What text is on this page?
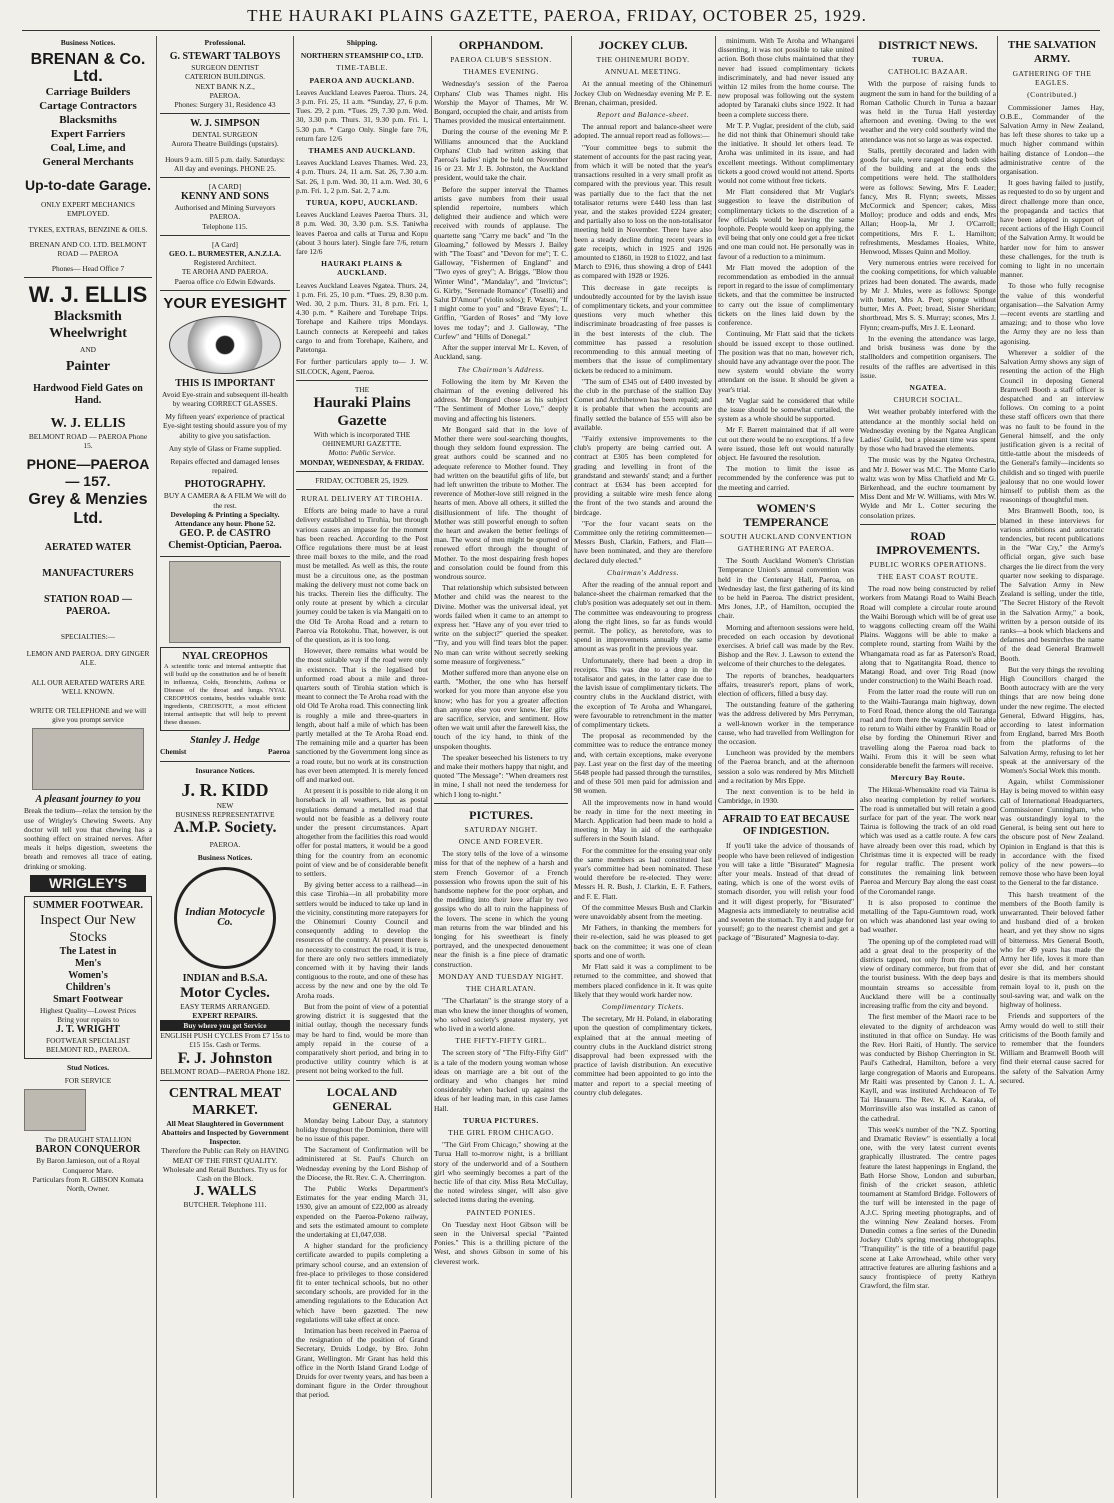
THE HAURAKI PLAINS GAZETTE, PAEROA, FRIDAY, OCTOBER 25, 1929.
Business Notices.
BRENAN & Co. Ltd.
Carriage Builders
Cartage Contractors
Blacksmiths
Expert Farriers
Coal, Lime, and
General Merchants
Up-to-date Garage.
ONLY EXPERT MECHANICS EMPLOYED.
TYKES, EXTRAS, BENZINE & OILS.
BRENAN AND CO. LTD. BELMONT ROAD — PAEROA
Phones— Head Office 7
W. J. ELLIS
Blacksmith
Wheelwright
AND
Painter
Hardwood Field Gates on Hand.
W. J. ELLIS
BELMONT ROAD — PAEROA Phone 15.
PHONE—PAEROA — 157.
Grey & Menzies Ltd.
AERATED WATER
MANUFACTURERS
STATION ROAD — PAEROA.
SPECIALTIES:—
LEMON AND PAEROA. DRY GINGER ALE.
ALL OUR AERATED WATERS ARE WELL KNOWN.
WRITE OR TELEPHONE and we will give you prompt service
A pleasant journey to you
Break the tedium—relax the tension by the use of Wrigley's Chewing Sweets. Any doctor will tell you that chewing has a soothing effect on strained nerves. After meals it helps digestion, sweetens the breath and removes all trace of eating, drinking or smoking.
WRIGLEY'S
SUMMER FOOTWEAR.
Inspect Our New Stocks
The Latest in
Men's
Women's
Children's
Smart Footwear
Highest Quality—Lowest Prices
Bring your repairs to
J. T. WRIGHT
FOOTWEAR SPECIALIST BELMONT RD., PAEROA.
Stud Notices.
FOR SERVICE
The DRAUGHT STALLION
BARON CONQUEROR
By Baron Jamieson, out of a Royal Conqueror Mare.
Particulars from R. GIBSON Komata North, Owner.
Professional.
G. STEWART TALBOYS
SURGEON DENTIST
CATERION BUILDINGS.
NEXT BANK N.Z.,
PAEROA.
Phones: Surgery 31, Residence 43
W. J. SIMPSON
DENTAL SURGEON
Aurora Theatre Buildings (upstairs).
Hours 9 a.m. till 5 p.m. daily. Saturdays: All day and evenings. PHONE 25.
[A CARD]
KENNY AND SONS
Authorised and Mining Surveyors
PAEROA.
Telephone 115.
[A Card]
GEO. L. BURMESTER, A.N.Z.I.A.
Registered Architect.
TE AROHA AND PAEROA.
Paeroa office c/o Edwin Edwards.
YOUR EYESIGHT
THIS IS IMPORTANT
Avoid Eye-strain and subsequent ill-health by wearing CORRECT GLASSES.
My fifteen years' experience of practical Eye-sight testing should assure you of my ability to give you satisfaction.
Any style of Glass or Frame supplied.
Repairs effected and damaged lenses repaired.
PHOTOGRAPHY.
BUY A CAMERA & A FILM We will do the rest.
Developing & Printing a Specialty. Attendance any hour. Phone 52.
GEO. P. de CASTRO
Chemist-Optician, Paeroa.
NYAL CREOPHOS
A scientific tonic and internal antiseptic that will build up the constitution and be of benefit in influenza, Colds, Bronchitis, Asthma or Disease of the throat and lungs. NYAL CREOPHOS contains, besides valuable tonic ingredients, CREOSOTE, a most efficient internal antiseptic that will help to prevent these diseases.
Stanley J. Hedge
Chemist	Paeroa
Insurance Notices.
J. R. KIDD
NEW
BUSINESS REPRESENTATIVE
A.M.P. Society.
PAEROA.
Business Notices.
Indian Motocycle Co.
INDIAN and B.S.A.
Motor Cycles.
EASY TERMS ARRANGED.
EXPERT REPAIRS.
Buy where you get Service
ENGLISH PUSH CYCLES From £7 15s to £15 15s. Cash or Terms.
F. J. Johnston
BELMONT ROAD—PAEROA Phone 182.
CENTRAL MEAT MARKET.
All Meat Slaughtered in Government Abattoirs and Inspected by Government Inspector.
Therefore the Public can Rely on HAVING MEAT OF THE FIRST QUALITY.
Wholesale and Retail Butchers. Try us for Cash on the Block.
J. WALLS
BUTCHER. Telephone 111.
Shipping.
NORTHERN STEAMSHIP CO., LTD.
TIME-TABLE.
PAEROA AND AUCKLAND.
Leaves Auckland Leaves Paeroa. Thurs. 24, 3 p.m. Fri. 25, 11 a.m. *Sunday, 27, 6 p.m. Tues. 29, 2 p.m. *Tues. 29, 7.30 p.m. Wed. 30, 3.30 p.m. Thurs. 31, 9.30 p.m. Fri. 1, 5.30 p.m. * Cargo Only. Single fare 7/6, return fare 12/6
THAMES AND AUCKLAND.
Leaves Auckland Leaves Thames. Wed. 23, 4 p.m. Thurs. 24, 11 a.m. Sat. 26, 7.30 a.m. Sat. 26, 1 p.m. Wed. 30, 11 a.m. Wed. 30, 6 p.m. Fri. 1, 2 p.m. Sat. 2, 7 a.m.
TURUA, KOPU, AUCKLAND.
Leaves Auckland Leaves Paeroa Thurs. 31, 8 p.m. Wed. 30, 3.30 p.m. S.S. Taniwha leaves Paeroa and calls at Turua and Kopu (about 3 hours later). Single fare 7/6, return fare 12/6
HAURAKI PLAINS & AUCKLAND.
Leaves Auckland Leaves Ngatea. Thurs. 24, 1 p.m. Fri. 25, 10 p.m. *Tues. 29, 8.30 p.m. Wed. 30, 2 p.m. Thurs. 31, 8 p.m. Fri. 1, 4.30 p.m. * Kaihere and Torehape Trips. Torehape and Kaihere trips Mondays. Launch connects at Kerepeehi and takes cargo to and from Torehape, Kaihere, and Patetonga.
For further particulars apply to— J. W. SILCOCK, Agent, Paeroa.
THE
Hauraki Plains Gazette
With which is incorporated THE OHINEMURI GAZETTE.
Motto: Public Service.
MONDAY, WEDNESDAY, & FRIDAY.
FRIDAY, OCTOBER 25, 1929.
RURAL DELIVERY AT TIROHIA.

Efforts are being made to have a rural delivery established to Tirohia, but through various causes an impasse for the moment has been reached. According to the Post Office regulations there must be at least three mail boxes to the mile, and the road must be metalled. As well as this, the route must be a circuitous one, as the postman making the delivery must not come back on his tracks. Therein lies the difficulty. The only route at present by which a circular journey could be taken is via Mangaiti on to the Old Te Aroha Road and a return to Paeroa via Rotokohu. That, however, is out of the question, as it is too long.

However, there remains what would be the most suitable way if the road were only in existence. That is the legalised but unformed road about a mile and three-quarters south of Tirohia station which is meant to connect the Te Aroha road with the old Old Te Aroha road. This connecting link is roughly a mile and three-quarters in length, about half a mile of which has been partly metalled at the Te Aroha Road end. The remaining mile and a quarter has been sanctioned by the Government long since as a road route, but no work at its construction has ever been attempted. It is merely fenced off and marked out.

At present it is possible to ride along it on horseback in all weathers, but as postal regulations demand a metalled road that would not be feasible as a delivery route under the present circumstances. Apart altogether from the facilities this road would offer for postal matters, it would be a good thing for the country from an economic point of view and be of considerable benefit to settlers.

By giving better access to a railhead—in this case Tirohia—in all probability more settlers would be induced to take up land in the vicinity, constituting more ratepayers for the Ohinemuri County Council and consequently adding to develop the resources of the country. At present there is no necessity to construct the road, it is true, for there are only two settlers immediately concerned with it by having their lands contiguous to the route, and one of these has access by the new and one by the old Te Aroha roads.

But from the point of view of a potential growing district it is suggested that the initial outlay, though the necessary funds may be hard to find, would be more than amply repaid in the course of a comparatively short period, and bring in to productive utility country which is at present not being worked to the full.

LOCAL AND GENERAL

Monday being Labour Day, a statutory holiday throughout the Dominion, there will be no issue of this paper.

The Sacrament of Confirmation will be administered at St. Paul's Church on Wednesday evening by the Lord Bishop of the Diocese, the Rt. Rev. C. A. Cherrington.

The Public Works Department's Estimates for the year ending March 31, 1930, give an amount of £22,000 as already expended on the Paeroa-Pokeno railway, and sets the estimated amount to complete the undertaking at £1,047,038.

A higher standard for the proficiency certificate awarded to pupils completing a primary school course, and an extension of free-place to privileges to those considered fit to enter technical schools, but no other secondary schools, are provided for in the amending regulations to the Education Act which have been gazetted. The new regulations will take effect at once.

Intimation has been received in Paeroa of the resignation of the position of Grand Secretary, Druids Lodge, by Bro. John Grant, Wellington. Mr Grant has held this office in the North Island Grand Lodge of Druids for over twenty years, and has been a dominant figure in the Order throughout that period.

ORPHANDOM.
PAEROA CLUB'S SESSION.
THAMES EVENING.

Wednesday's session of the Paeroa Orphans' Club was Thames night. His Worship the Mayor of Thames, Mr W. Bongard, occupied the chair, and artists from Thames provided the musical entertainment.

During the course of the evening Mr P. Williams announced that the Auckland Orphans' Club had written asking that Paeroa's ladies' night be held on November 16 or 23. Mr J. B. Johnston, the Auckland president, would take the chair.

Before the supper interval the Thames artists gave numbers from their usual splendid repertoire, numbers which delighted their audience and which were received with rounds of applause. The quartette sang "Carry me back" and "In the Gloaming," followed by Messrs J. Bailey with "The Toast" and "Devon for me"; T. C. Galloway, "Fishermen of England" and "Two eyes of grey"; A. Briggs, "Blow thou Winter Wind", "Mandalay", and "Invictus"; G. Kirby, "Serenade Romance" (Toselli) and Salut D'Amour" (violin solos); F. Watson, "If I might come to you" and "Brave Eyes"; L. Griffin, "Garden of Roses" and "My love loves me today"; and J. Galloway, "The Curfew" and "Hills of Donegal."

After the supper interval Mr L. Keven, of Auckland, sang.

The Chairman's Address.

Following the item by Mr Keven the chairman of the evening delivered his address. Mr Bongard chose as his subject "The Sentiment of Mother Love," deeply moving and affecting his listeners.

Mr Bongard said that in the love of Mother there were soul-searching thoughts, though they seldom found expression. The great authors could be scanned and no adequate reference to Mother found. They had written on the beautiful gifts of life, but had left unwritten the tribute to Mother. The reverence of Mother-love still reigned in the hearts of men. Above all others, it stilled the disillusionment of life. The thought of Mother was still powerful enough to soften the heart and awaken the better feelings of man. The worst of men might be spurned or renewed effort through the thought of Mother. To the most despairing fresh hopes and consolation could be found from this wondrous source.

That relationship which subsisted between Mother and child was the nearest to the Divine. Mother was the universal ideal, yet words failed when it came to an attempt to express her. "Have any of you ever tried to write on the subject?" queried the speaker. "Try, and you will find tears blot the paper. No man can write without secretly seeking some measure of forgiveness."

Mother suffered more than anyone else on earth. "Mother, the one who has herself worked for you more than anyone else you know; who has for you a greater affection than anyone else you ever knew. Her gifts are sacrifice, service, and sentiment. How often we wait until after the farewell kiss, the touch of the icy hand, to think of the unspoken thoughts.

The speaker beseeched his listeners to try and make their mothers happy that night, and quoted "The Message": "When dreamers rest in mine, I shall not need the tenderness for which I long to-night."

PICTURES.
SATURDAY NIGHT.
ONCE AND FOREVER.

The story tells of the love of a winsome miss for that of the nephew of a harsh and stern French Governor of a French possession who frowns upon the suit of his handsome nephew for the poor orphan, and the meddling into their love affair by two gossips who do all to ruin the happiness of the lovers. The scene in which the young man returns from the war blinded and his longing for his sweetheart is finely portrayed, and the unexpected denouement near the finish is a fine piece of dramatic construction.

MONDAY AND TUESDAY NIGHT.
THE CHARLATAN.

"The Charlatan" is the strange story of a man who knew the inner thoughts of women, who solved society's greatest mystery, yet who lived in a world alone.

THE FIFTY-FIFTY GIRL.

The screen story of "The Fifty-Fifty Girl" is a tale of the modern young woman whose ideas on marriage are a bit out of the ordinary and who changes her mind considerably when backed up against the ideas of her leading man, in this case James Hall.

TURUA PICTURES.
THE GIRL FROM CHICAGO.

"The Girl From Chicago," showing at the Turua Hall to-morrow night, is a brilliant story of the underworld and of a Southern girl who seemingly becomes a part of the hectic life of that city. Miss Reta McCullay, the noted wireless singer, will also give selected items during the evening.

PAINTED PONIES.

On Tuesday next Hoot Gibson will be seen in the Universal special "Painted Ponies." This is a thrilling picture of the West, and shows Gibson in some of his cleverest work.

JOCKEY CLUB.
THE OHINEMURI BODY.
ANNUAL MEETING.

At the annual meeting of the Ohinemuri Jockey Club on Wednesday evening Mr P. E. Brenan, chairman, presided.

Report and Balance-sheet.

The annual report and balance-sheet were adopted. The annual report read as follows:—

"Your committee begs to submit the statement of accounts for the past racing year, from which it will be noted that the year's transactions resulted in a very small profit as compared with the previous year. This result was partially due to the fact that the net totalisator returns were £440 less than last year, and the stakes provided £224 greater; and partially also to loss on the non-totalisator meeting held in November. There have also been a steady decline during recent years in gate receipts, which in 1925 and 1926 amounted to £1860, in 1928 to £1022, and last March to £916, thus showing a drop of £441 as compared with 1928 or 1926.

This decrease in gate receipts is undoubtedly accounted for by the lavish issue of complimentary tickets, and your committee questions very much whether this indiscriminate broadcasting of free passes is in the best interests of the club. The committee has passed a resolution recommending to this annual meeting of members that the issue of complimentary tickets be reduced to a minimum.

"The sum of £345 out of £400 invested by the club in the purchase of the stallion Day Comet and Archibetown has been repaid; and it is probable that when the accounts are finally settled the balance of £55 will also be available.

"Fairly extensive improvements to the club's property are being carried out. A contract at £305 has been completed for grading and levelling in front of the grandstand and stewards' stand; and a further contract at £634 has been accepted for providing a suitable wire mesh fence along the front of the two stands and around the birdcage.

"For the four vacant seats on the Committee only the retiring committeemen—Messrs Bush, Clarkin, Fathers, and Flatt—have been nominated, and they are therefore declared duly elected."

Chairman's Address.

After the reading of the annual report and balance-sheet the chairman remarked that the club's position was adequately set out in them. The committee was endeavouring to progress along the right lines, so far as funds would permit. The policy, as heretofore, was to spend in improvements annually the same amount as was profit in the previous year.

Unfortunately, there had been a drop in receipts. This was due to a drop in the totalisator and gates, in the latter case due to the lavish issue of complimentary tickets. The country clubs in the Auckland district, with the exception of Te Aroha and Whangarei, were favourable to retrenchment in the matter of complimentary tickets.

The proposal as recommended by the committee was to reduce the entrance money and, with certain exceptions, make everyone pay. Last year on the first day of the meeting 5648 people had passed through the turnstiles, and of these 501 men paid for admission and 98 women.

All the improvements now in hand would be ready in time for the next meeting in March. Application had been made to hold a meeting in May in aid of the earthquake sufferers in the South Island.

For the committee for the ensuing year only the same members as had constituted last year's committee had been nominated. These would therefore be re-elected. They were: Messrs H. R. Bush, J. Clarkin, E. F. Fathers, and F. E. Flatt.

Of the committee Messrs Bush and Clarkin were unavoidably absent from the meeting.

Mr Fathers, in thanking the members for their re-election, said he was pleased to get back on the committee; it was one of clean sports and one of worth.

Mr Flatt said it was a compliment to be returned to the committee, and showed that members placed confidence in it. It was quite likely that they would work harder now.

Complimentary Tickets.

The secretary, Mr H. Poland, in elaborating upon the question of complimentary tickets, explained that at the annual meeting of country clubs in the Auckland district strong disapproval had been expressed with the practice of lavish distribution. An executive committee had been appointed to go into the matter and report to a special meeting of country club delegates.

minimum. With Te Aroha and Whangarei dissenting, it was not possible to take united action. Both those clubs maintained that they never had issued complimentary tickets indiscriminately, and had never issued any within 12 miles from the home course. The new proposal was following out the system adopted by Taranaki clubs since 1922. It had been a complete success there.

Mr T. P. Vuglar, president of the club, said he did not think that Ohinemuri should take the initiative. It should let others lead. Te Aroha was unlimited in its issue, and had excellent meetings. Without complimentary tickets a good crowd would not attend. Sports would not come without free tickets.

Mr Flatt considered that Mr Vuglar's suggestion to leave the distribution of complimentary tickets to the discretion of a few officials would be leaving the same loophole. People would keep on applying, the evil being that only one could get a free ticket and one man could not. He personally was in favour of a reduction to a minimum.

Mr Flatt moved the adoption of the recommendation as embodied in the annual report in regard to the issue of complimentary tickets, and that the committee be instructed to carry out the issue of complimentary tickets on the lines laid down by the conference.

Continuing, Mr Flatt said that the tickets should be issued except to those outlined. The position was that no man, however rich, should have any advantage over the poor. The new system would obviate the worry attendant on the issue. It should be given a year's trial.

Mr Vuglar said he considered that while the issue should be somewhat curtailed, the system as a whole should be supported.

Mr F. Barrett maintained that if all were cut out there would be no exceptions. If a few were issued, those left out would naturally object. He favoured the resolution.

The motion to limit the issue as recommended by the conference was put to the meeting and carried.

WOMEN'S TEMPERANCE
SOUTH AUCKLAND CONVENTION
GATHERING AT PAEROA.

The South Auckland Women's Christian Temperance Union's annual convention was held in the Centenary Hall, Paeroa, on Wednesday last, the first gathering of its kind to be held in Paeroa. The district president, Mrs Jones, J.P., of Hamilton, occupied the chair.

Morning and afternoon sessions were held, preceded on each occasion by devotional exercises. A brief call was made by the Rev. Bishop and the Rev. J. Lawson to extend the welcome of their churches to the delegates.

The reports of branches, headquarters affairs, treasurer's report, plans of work, election of officers, filled a busy day.

The outstanding feature of the gathering was the address delivered by Mrs Perryman, a well-known worker in the temperance cause, who had travelled from Wellington for the occasion.

Luncheon was provided by the members of the Paeroa branch, and at the afternoon session a solo was rendered by Mrs Mitchell and a recitation by Mrs Eppe.

The next convention is to be held in Cambridge, in 1930.

AFRAID TO EAT BECAUSE OF INDIGESTION.

If you'll take the advice of thousands of people who have been relieved of indigestion you will take a little "Bisurated" Magnesia after your meals. Instead of that dread of eating, which is one of the worst evils of stomach disorder, you will relish your food and it will digest properly, for "Bisurated" Magnesia acts immediately to neutralise acid and sweeten the stomach. Try it and judge for yourself; go to the nearest chemist and get a package of "Bisurated" Magnesia to-day.

DISTRICT NEWS.
TURUA.
CATHOLIC BAZAAR.

With the purpose of raising funds to augment the sum in hand for the building of a Roman Catholic Church in Turua a bazaar was held in the Turua Hall yesterday afternoon and evening. Owing to the wet weather and the very cold southerly wind the attendance was not so large as was expected.

Stalls, prettily decorated and laden with goods for sale, were ranged along both sides of the building and at the ends the competitions were held. The stallholders were as follows: Sewing, Mrs F. Leader; fancy, Mrs R. Flynn; sweets, Misses McCormick and Spencer; cakes, Miss Molloy; produce and odds and ends, Mrs Allan; Hoop-la, Mr J. O'Carroll; competitions, Mrs F. L. Hamilton; refreshments, Mesdames Hoaies, White, Henwood, Misses Quinn and Molloy.

Very numerous entries were received for the cooking competitions, for which valuable prizes had been donated. The awards, made by Mr J. Mules, were as follows: Sponge with butter, Mrs A. Peet; sponge without butter, Mrs A. Peet; bread, Sister Sheridan; shortbread, Mrs S. S. Murray; scones, Mrs J. Flynn; cream-puffs, Mrs J. E. Leonard.

In the evening the attendance was large, and brisk business was done by the stallholders and competition organisers. The results of the raffles are advertised in this issue.

NGATEA.
CHURCH SOCIAL.

Wet weather probably interfered with the attendance at the monthly social held on Wednesday evening by the Ngatea Anglican Ladies' Guild, but a pleasant time was spent by those who had braved the elements.

The music was by the Ngatea Orchestra, and Mr J. Bower was M.C. The Monte Carlo waltz was won by Miss Chatfield and Mr G. Birkenhead, and the euchre tournament by Miss Dent and Mr W. Williams, with Mrs W. Wylde and Mr L. Cotter securing the consolation prizes.

ROAD IMPROVEMENTS.
PUBLIC WORKS OPERATIONS.
THE EAST COAST ROUTE.

The road now being constructed by relief workers from Matangi Road to Waihi Beach Road will complete a circular route around the Waihi Borough which will be of great use to waggons collecting cream off the Waihi Plains. Waggons will be able to make a complete round, starting from Waihi by the Whangamata road as far as Paterson's Road, along that to Ngatitangita Road, thence to Matangi Road, and over Trig Road (now under construction) to the Waihi Beach road.

From the latter road the route will run on to the Waihi-Tauranga main highway, down to Ford Road, thence along the old Tauranga road and from there the waggons will be able to return to Waihi either by Franklin Road or else by fording the Ohinemuri River and travelling along the Paeroa road back to Waihi. From this it will be seen what considerable benefit the farmers will receive.

Mercury Bay Route.

The Hikuai-Whenuakite road via Tairua is also nearing completion by relief workers. The road is unmetalled but will retain a good surface for part of the year. The work near Tairua is following the track of an old road which was used as a cattle route. A few cars have already been over this road, which by Christmas time it is expected will be ready for regular traffic. The present work constitutes the remaining link between Paeroa and Mercury Bay along the east coast of the Coromandel range.

It is also proposed to continue the metalling of the Tapu-Gumtown road, work on which was abandoned last year owing to bad weather.

The opening up of the completed road will add a great deal to the prosperity of the districts tapped, not only from the point of view of ordinary commerce, but from that of the tourist business. With the deep bays and mountain streams so accessible from Auckland there will be a continually increasing traffic from the city and beyond.

The first member of the Maori race to be elevated to the dignity of archdeacon was instituted in that office on Sunday. He was the Rev. Hori Raiti, of Huntly. The service was conducted by Bishop Cherrington in St. Paul's Cathedral, Hamilton, before a very large congregation of Maoris and Europeans. Mr Raiti was presented by Canon J. L. A. Kayll, and was instituted Archdeacon of Te Tai Hauauru. The Rev. K. A. Karaka, of Morrinsville also was installed as canon of the cathedral.

This week's number of the "N.Z. Sporting and Dramatic Review" is essentially a local one, with the very latest current events graphically illustrated. The centre pages feature the latest happenings in England, the Bath Horse Show, London and suburban, finish of the cricket season, athletic tournament at Stamford Bridge. Followers of the turf will be interested in the page of A.J.C. Spring meeting photographs, and of the winning New Zealand horses. From Dunedin comes a fine series of the Dunedin Jockey Club's spring meeting photographs. "Tranquility" is the title of a beautiful page scene at Lake Arrowhead, while other very attractive features are alluring fashions and a saucy frontispiece of pretty Kathryn Crawford, the film star.

THE SALVATION ARMY.
GATHERING OF THE EAGLES.
(Contributed.)

Commissioner James Hay, O.B.E., Commander of the Salvation Army in New Zealand, has left these shores to take up a much higher command within hailing distance of London—the administrative centre of the organisation.

It goes having failed to justify, as requested to do so by urgent and direct challenge more than once, the propaganda and tactics that have been adopted in support of recent actions of the High Council of the Salvation Army. It would be harder now for him to answer these challenges, for the truth is coming to light in no uncertain manner.

To those who fully recognise the value of this wonderful organisation—the Salvation Army—recent events are startling and amazing; and to those who love the Army they are no less than agonising.

Wherever a soldier of the Salvation Army shows any sign of resenting the action of the High Council in deposing General Bramwell Booth a staff officer is despatched and an interview follows. On coming to a point these staff officers own that there was no fault to be found in the General himself, and the only justification given is a recital of tittle-tattle about the misdeeds of the General's family—incidents so childish and so tinged with puerile jealousy that no one would lower himself to publish them as the reasonings of thoughtful men.

Mrs Bramwell Booth, too, is blamed in these interviews for various ambitions and autocratic tendencies, but recent publications in the "War Cry," the Army's official organ, give such base charges the lie direct from the very quarter now seeking to disparage. The Salvation Army in New Zealand is selling, under the title, "The Secret History of the Revolt in the Salvation Army," a book, written by a person outside of its ranks—a book which blackens and defames and besmirches the name of the dead General Bramwell Booth.

But the very things the revolting High Councillors charged the Booth autocracy with are the very things that are now being done under the new regime. The elected General, Edward Higgins, has, according to latest information from England, barred Mrs Booth from the platforms of the Salvation Army, refusing to let her speak at the anniversary of the Women's Social Work this month.

Again, whilst Commissioner Hay is being moved to within easy call of International Headquarters, Commissioner Cunningham, who was outstandingly loyal to the General, is being sent out here to the obscure post of New Zealand. Opinion in England is that this is in accordance with the fixed policy of the new powers—to remove those who have been loyal to the General to the far distance.

This harsh treatment of the members of the Booth family is unwarranted. Their beloved father and husband died of a broken heart, and yet they show no signs of bitterness. Mrs General Booth, who for 49 years has made the Army her life, loves it more than ever she did, and her constant desire is that its members should remain loyal to it, push on the soul-saving war, and walk on the highway of holiness.

Friends and supporters of the Army would do well to still their criticisms of the Booth family and to remember that the founders William and Bramwell Booth will find their eternal cause sacred for the safety of the Salvation Army secured.
